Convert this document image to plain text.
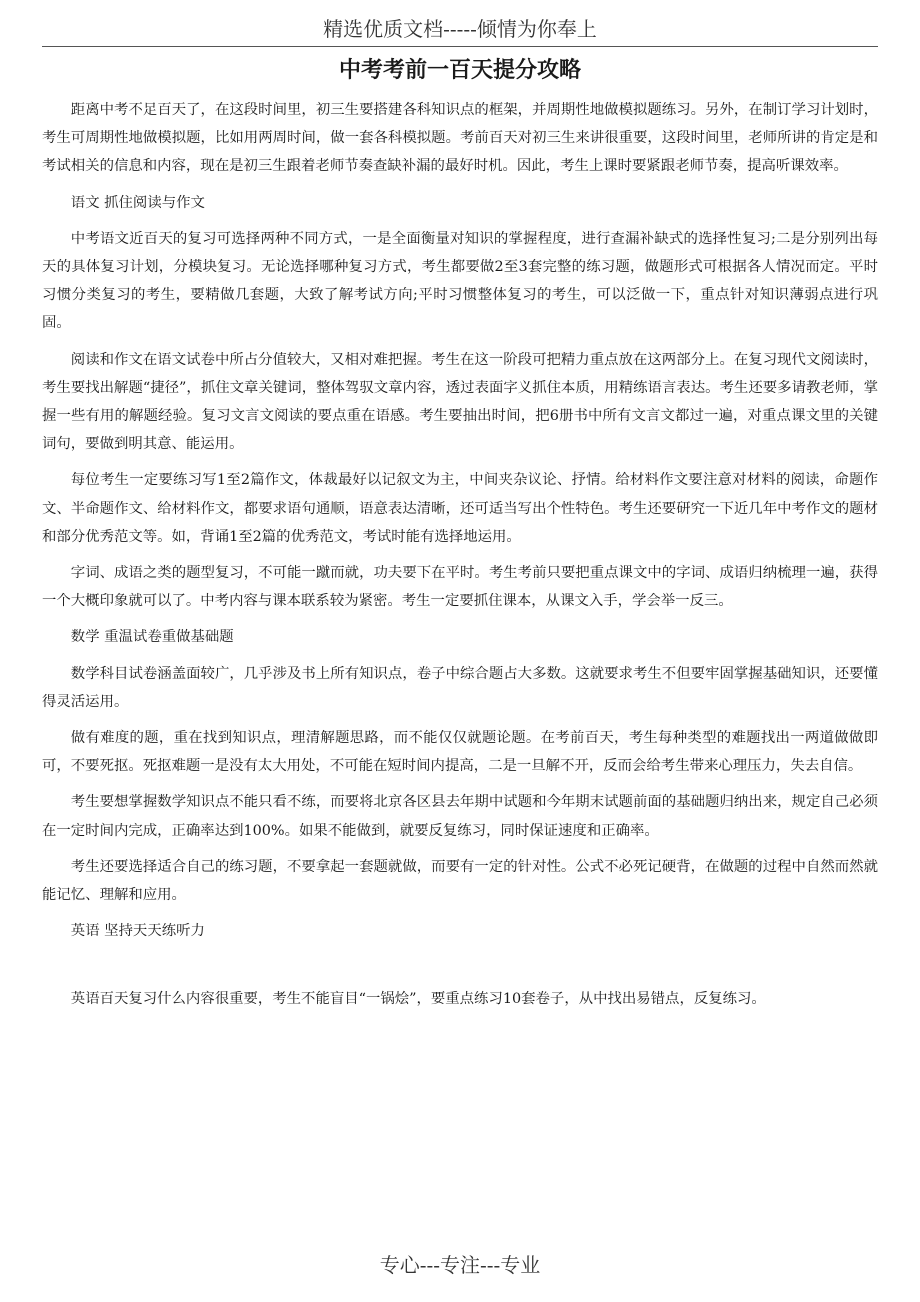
精选优质文档-----倾情为你奉上
中考考前一百天提分攻略

距离中考不足百天了，在这段时间里，初三生要搭建各科知识点的框架，并周期性地做模拟题练习。另外，在制订学习计划时，考生可周期性地做模拟题，比如用两周时间，做一套各科模拟题。考前百天对初三生来讲很重要，这段时间里，老师所讲的肯定是和考试相关的信息和内容，现在是初三生跟着老师节奏查缺补漏的最好时机。因此，考生上课时要紧跟老师节奏，提高听课效率。

语文 抓住阅读与作文

中考语文近百天的复习可选择两种不同方式，一是全面衡量对知识的掌握程度，进行查漏补缺式的选择性复习;二是分别列出每天的具体复习计划，分模块复习。无论选择哪种复习方式，考生都要做2至3套完整的练习题，做题形式可根据各人情况而定。平时习惯分类复习的考生，要精做几套题，大致了解考试方向;平时习惯整体复习的考生，可以泛做一下，重点针对知识薄弱点进行巩固。

阅读和作文在语文试卷中所占分值较大，又相对难把握。考生在这一阶段可把精力重点放在这两部分上。在复习现代文阅读时，考生要找出解题“捷径”，抓住文章关键词，整体驾驭文章内容，透过表面字义抓住本质，用精练语言表达。考生还要多请教老师，掌握一些有用的解题经验。复习文言文阅读的要点重在语感。考生要抽出时间，把6册书中所有文言文都过一遍，对重点课文里的关键词句，要做到明其意、能运用。

每位考生一定要练习写1至2篇作文，体裁最好以记叙文为主，中间夹杂议论、抒情。给材料作文要注意对材料的阅读，命题作文、半命题作文、给材料作文，都要求语句通顺，语意表达清晰，还可适当写出个性特色。考生还要研究一下近几年中考作文的题材和部分优秀范文等。如，背诵1至2篇的优秀范文，考试时能有选择地运用。

字词、成语之类的题型复习，不可能一蹴而就，功夫要下在平时。考生考前只要把重点课文中的字词、成语归纳梳理一遍，获得一个大概印象就可以了。中考内容与课本联系较为紧密。考生一定要抓住课本，从课文入手，学会举一反三。

数学 重温试卷重做基础题

数学科目试卷涵盖面较广，几乎涉及书上所有知识点，卷子中综合题占大多数。这就要求考生不但要牢固掌握基础知识，还要懂得灵活运用。

做有难度的题，重在找到知识点，理清解题思路，而不能仅仅就题论题。在考前百天，考生每种类型的难题找出一两道做做即可，不要死抠。死抠难题一是没有太大用处，不可能在短时间内提高，二是一旦解不开，反而会给考生带来心理压力，失去自信。

考生要想掌握数学知识点不能只看不练，而要将北京各区县去年期中试题和今年期末试题前面的基础题归纳出来，规定自己必须在一定时间内完成，正确率达到100%。如果不能做到，就要反复练习，同时保证速度和正确率。

考生还要选择适合自己的练习题，不要拿起一套题就做，而要有一定的针对性。公式不必死记硬背，在做题的过程中自然而然就能记忆、理解和应用。

英语 坚持天天练听力

英语百天复习什么内容很重要，考生不能盲目“一锅烩”，要重点练习10套卷子，从中找出易错点，反复练习。

专心---专注---专业
